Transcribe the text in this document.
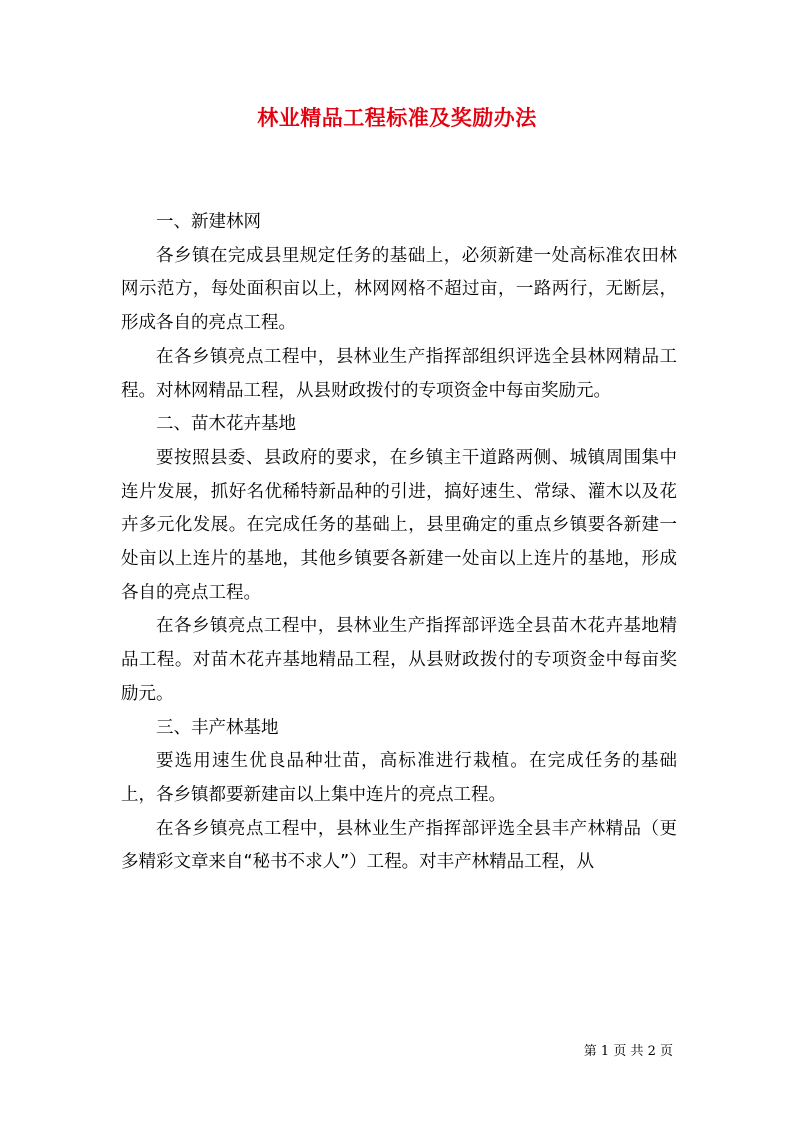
林业精品工程标准及奖励办法

一、新建林网

各乡镇在完成县里规定任务的基础上，必须新建一处高标准农田林网示范方，每处面积亩以上，林网网格不超过亩，一路两行，无断层，形成各自的亮点工程。

在各乡镇亮点工程中，县林业生产指挥部组织评选全县林网精品工程。对林网精品工程，从县财政拨付的专项资金中每亩奖励元。

二、苗木花卉基地

要按照县委、县政府的要求，在乡镇主干道路两侧、城镇周围集中连片发展，抓好名优稀特新品种的引进，搞好速生、常绿、灌木以及花卉多元化发展。在完成任务的基础上，县里确定的重点乡镇要各新建一处亩以上连片的基地，其他乡镇要各新建一处亩以上连片的基地，形成各自的亮点工程。

在各乡镇亮点工程中，县林业生产指挥部评选全县苗木花卉基地精品工程。对苗木花卉基地精品工程，从县财政拨付的专项资金中每亩奖励元。

三、丰产林基地

要选用速生优良品种壮苗，高标准进行栽植。在完成任务的基础上，各乡镇都要新建亩以上集中连片的亮点工程。

在各乡镇亮点工程中，县林业生产指挥部评选全县丰产林精品（更多精彩文章来自“秘书不求人”）工程。对丰产林精品工程，从

第 1 页 共 2 页
